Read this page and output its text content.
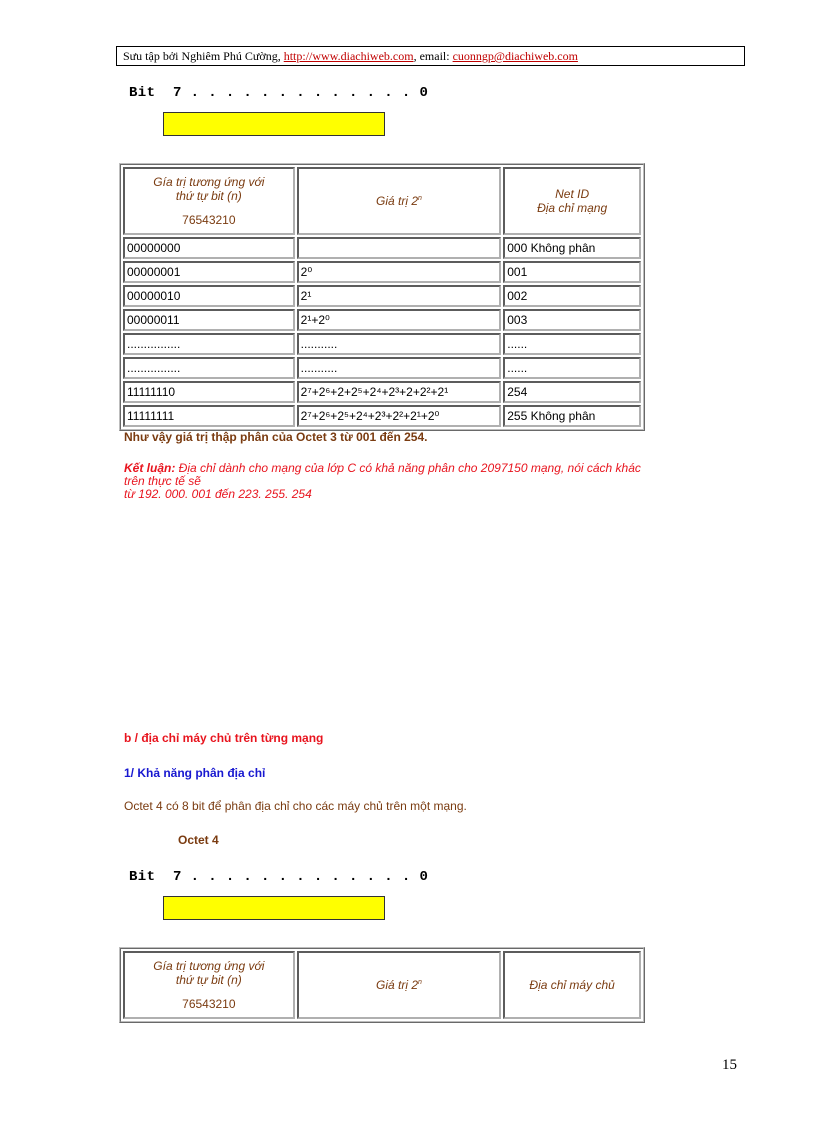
Sưu tập bởi Nghiêm Phú Cường, http://www.diachiweb.com, email: cuonngp@diachiweb.com
Bit  7 . . . . . . . . . . . . . 0
Gía trị tương ứng với
thứ tự bit (n)
76543210	Giá trị 2$^n$	Net ID
Địa chỉ mạng
00000000		000 Không phân
00000001	2⁰	001
00000010	2¹	002
00000011	2¹+2⁰	003
................	...........	......
................	...........	......
11111110	2⁷+2⁶+2+2⁵+2⁴+2³+2+2²+2¹	254
11111111	2⁷+2⁶+2⁵+2⁴+2³+2²+2¹+2⁰	255 Không phân
Như vậy giá trị thập phân của Octet 3 từ 001 đến 254.
Kết luận: Địa chỉ dành cho mạng của lớp C có khả năng phân cho 2097150 mạng, nói cách khác
trên thực tế sẽ
từ 192. 000. 001 đến 223. 255. 254
b / địa chỉ máy chủ trên từng mạng
1/ Khả năng phân địa chỉ
Octet 4 có 8 bit để phân địa chỉ cho các máy chủ trên một mạng.
Octet 4
Bit  7 . . . . . . . . . . . . . 0
Gía trị tương ứng với
thứ tự bit (n)
76543210	Giá trị 2$^n$	Địa chỉ máy chủ
15
